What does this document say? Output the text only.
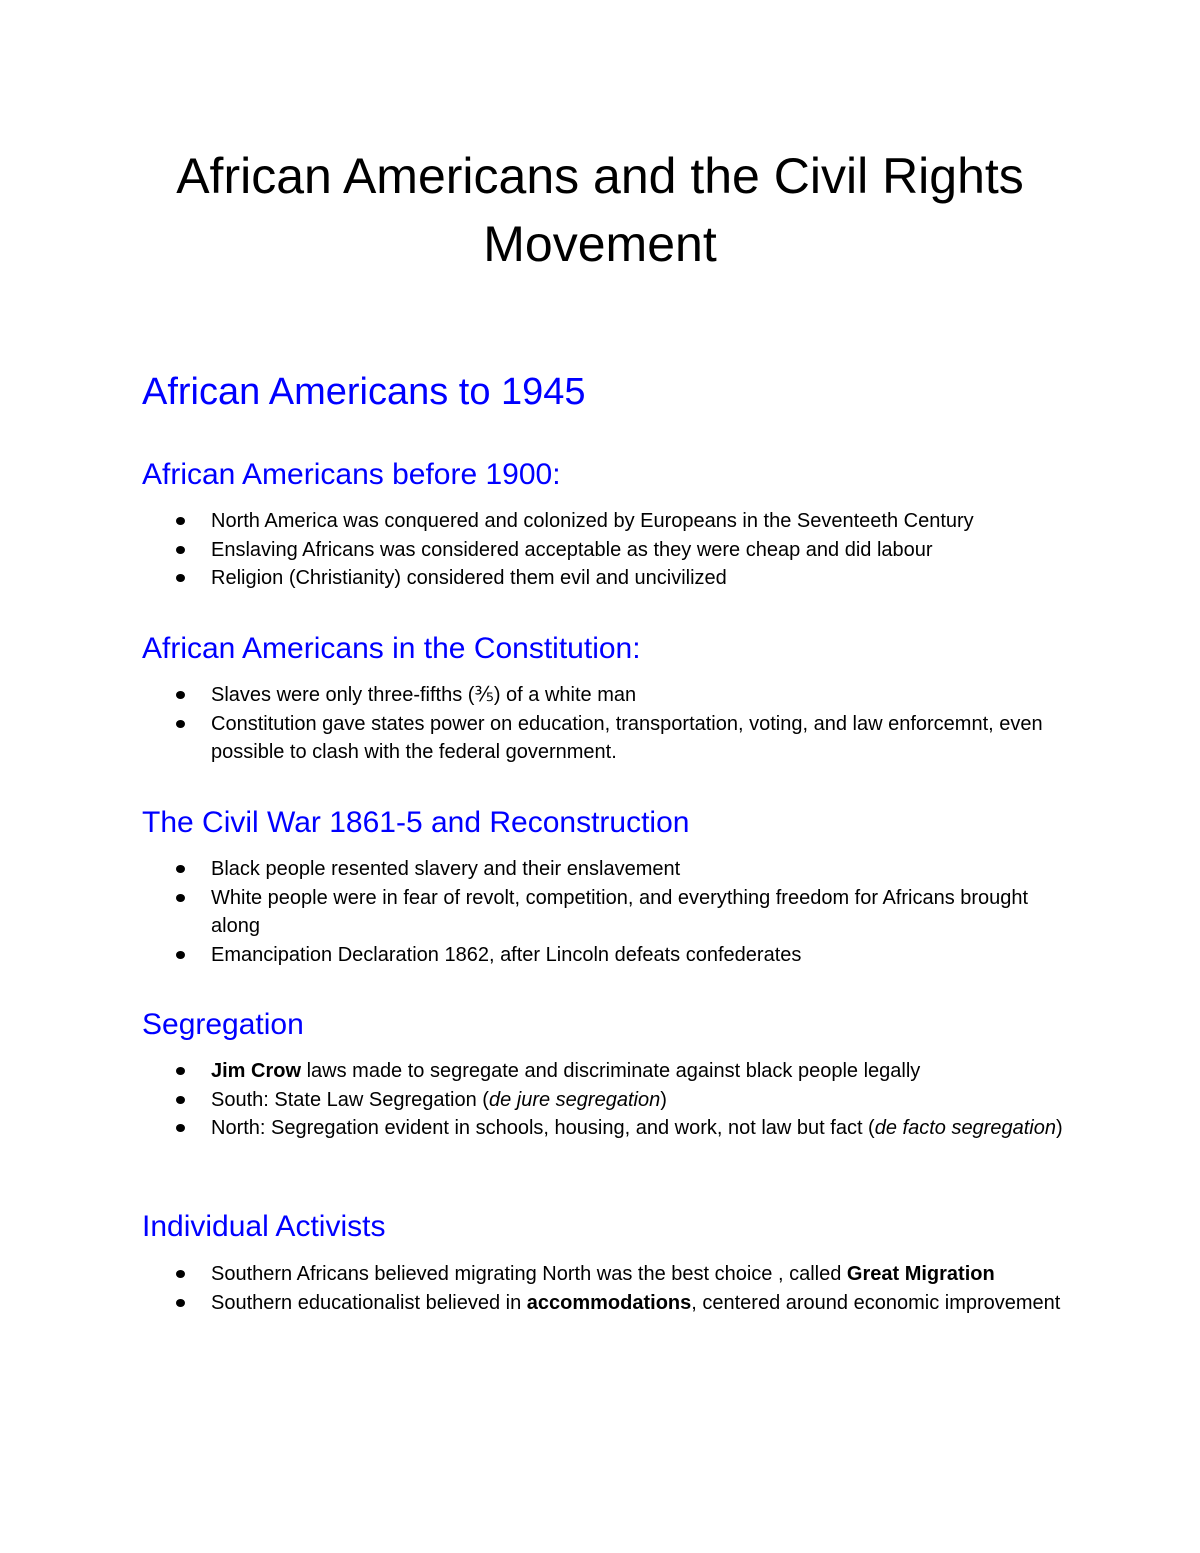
African Americans and the Civil Rights Movement
African Americans to 1945
African Americans before 1900:
North America was conquered and colonized by Europeans in the Seventeeth Century
Enslaving Africans was considered acceptable as they were cheap and did labour
Religion (Christianity) considered them evil and uncivilized
African Americans in the Constitution:
Slaves were only three-fifths (⅗) of a white man
Constitution gave states power on education, transportation, voting, and law enforcemnt, even possible to clash with the federal government.
The Civil War 1861-5 and Reconstruction
Black people resented slavery and their enslavement
White people were in fear of revolt, competition, and everything freedom for Africans brought along
Emancipation Declaration 1862, after Lincoln defeats confederates
Segregation
Jim Crow laws made to segregate and discriminate against black people legally
South: State Law Segregation (de jure segregation)
North: Segregation evident in schools, housing, and work, not law but fact (de facto segregation)
Individual Activists
Southern Africans believed migrating North was the best choice , called Great Migration
Southern educationalist believed in accommodations, centered around economic improvement
